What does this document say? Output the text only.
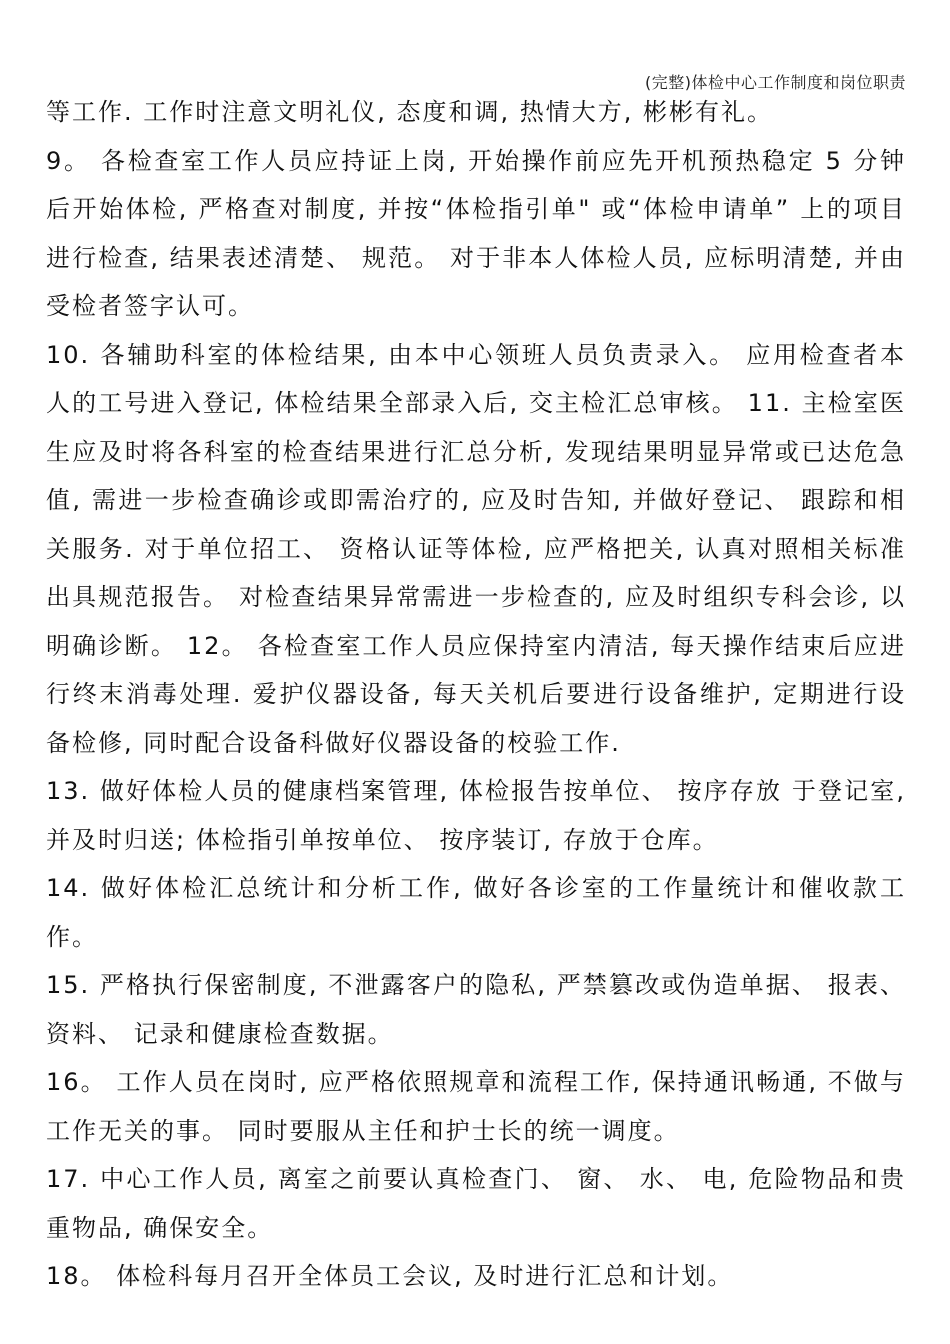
(完整)体检中心工作制度和岗位职责

等工作. 工作时注意文明礼仪, 态度和调, 热情大方, 彬彬有礼。

9。 各检查室工作人员应持证上岗, 开始操作前应先开机预热稳定 5 分钟后开始体检, 严格查对制度, 并按“体检指引单" 或“体检申请单” 上的项目进行检查, 结果表述清楚、 规范。 对于非本人体检人员, 应标明清楚, 并由受检者签字认可。

10. 各辅助科室的体检结果, 由本中心领班人员负责录入。 应用检查者本人的工号进入登记, 体检结果全部录入后, 交主检汇总审核。 11. 主检室医生应及时将各科室的检查结果进行汇总分析, 发现结果明显异常或已达危急值, 需进一步检查确诊或即需治疗的, 应及时告知, 并做好登记、 跟踪和相关服务. 对于单位招工、 资格认证等体检, 应严格把关, 认真对照相关标准出具规范报告。 对检查结果异常需进一步检查的, 应及时组织专科会诊, 以明确诊断。 12。 各检查室工作人员应保持室内清洁, 每天操作结束后应进行终末消毒处理. 爱护仪器设备, 每天关机后要进行设备维护, 定期进行设备检修, 同时配合设备科做好仪器设备的校验工作.

13. 做好体检人员的健康档案管理, 体检报告按单位、 按序存放 于登记室, 并及时归送; 体检指引单按单位、 按序装订, 存放于仓库。

14. 做好体检汇总统计和分析工作, 做好各诊室的工作量统计和催收款工作。

15. 严格执行保密制度, 不泄露客户的隐私, 严禁篡改或伪造单据、 报表、 资料、 记录和健康检查数据。

16。 工作人员在岗时, 应严格依照规章和流程工作, 保持通讯畅通, 不做与工作无关的事。 同时要服从主任和护士长的统一调度。

17. 中心工作人员, 离室之前要认真检查门、 窗、 水、 电, 危险物品和贵重物品, 确保安全。

18。 体检科每月召开全体员工会议, 及时进行汇总和计划。
